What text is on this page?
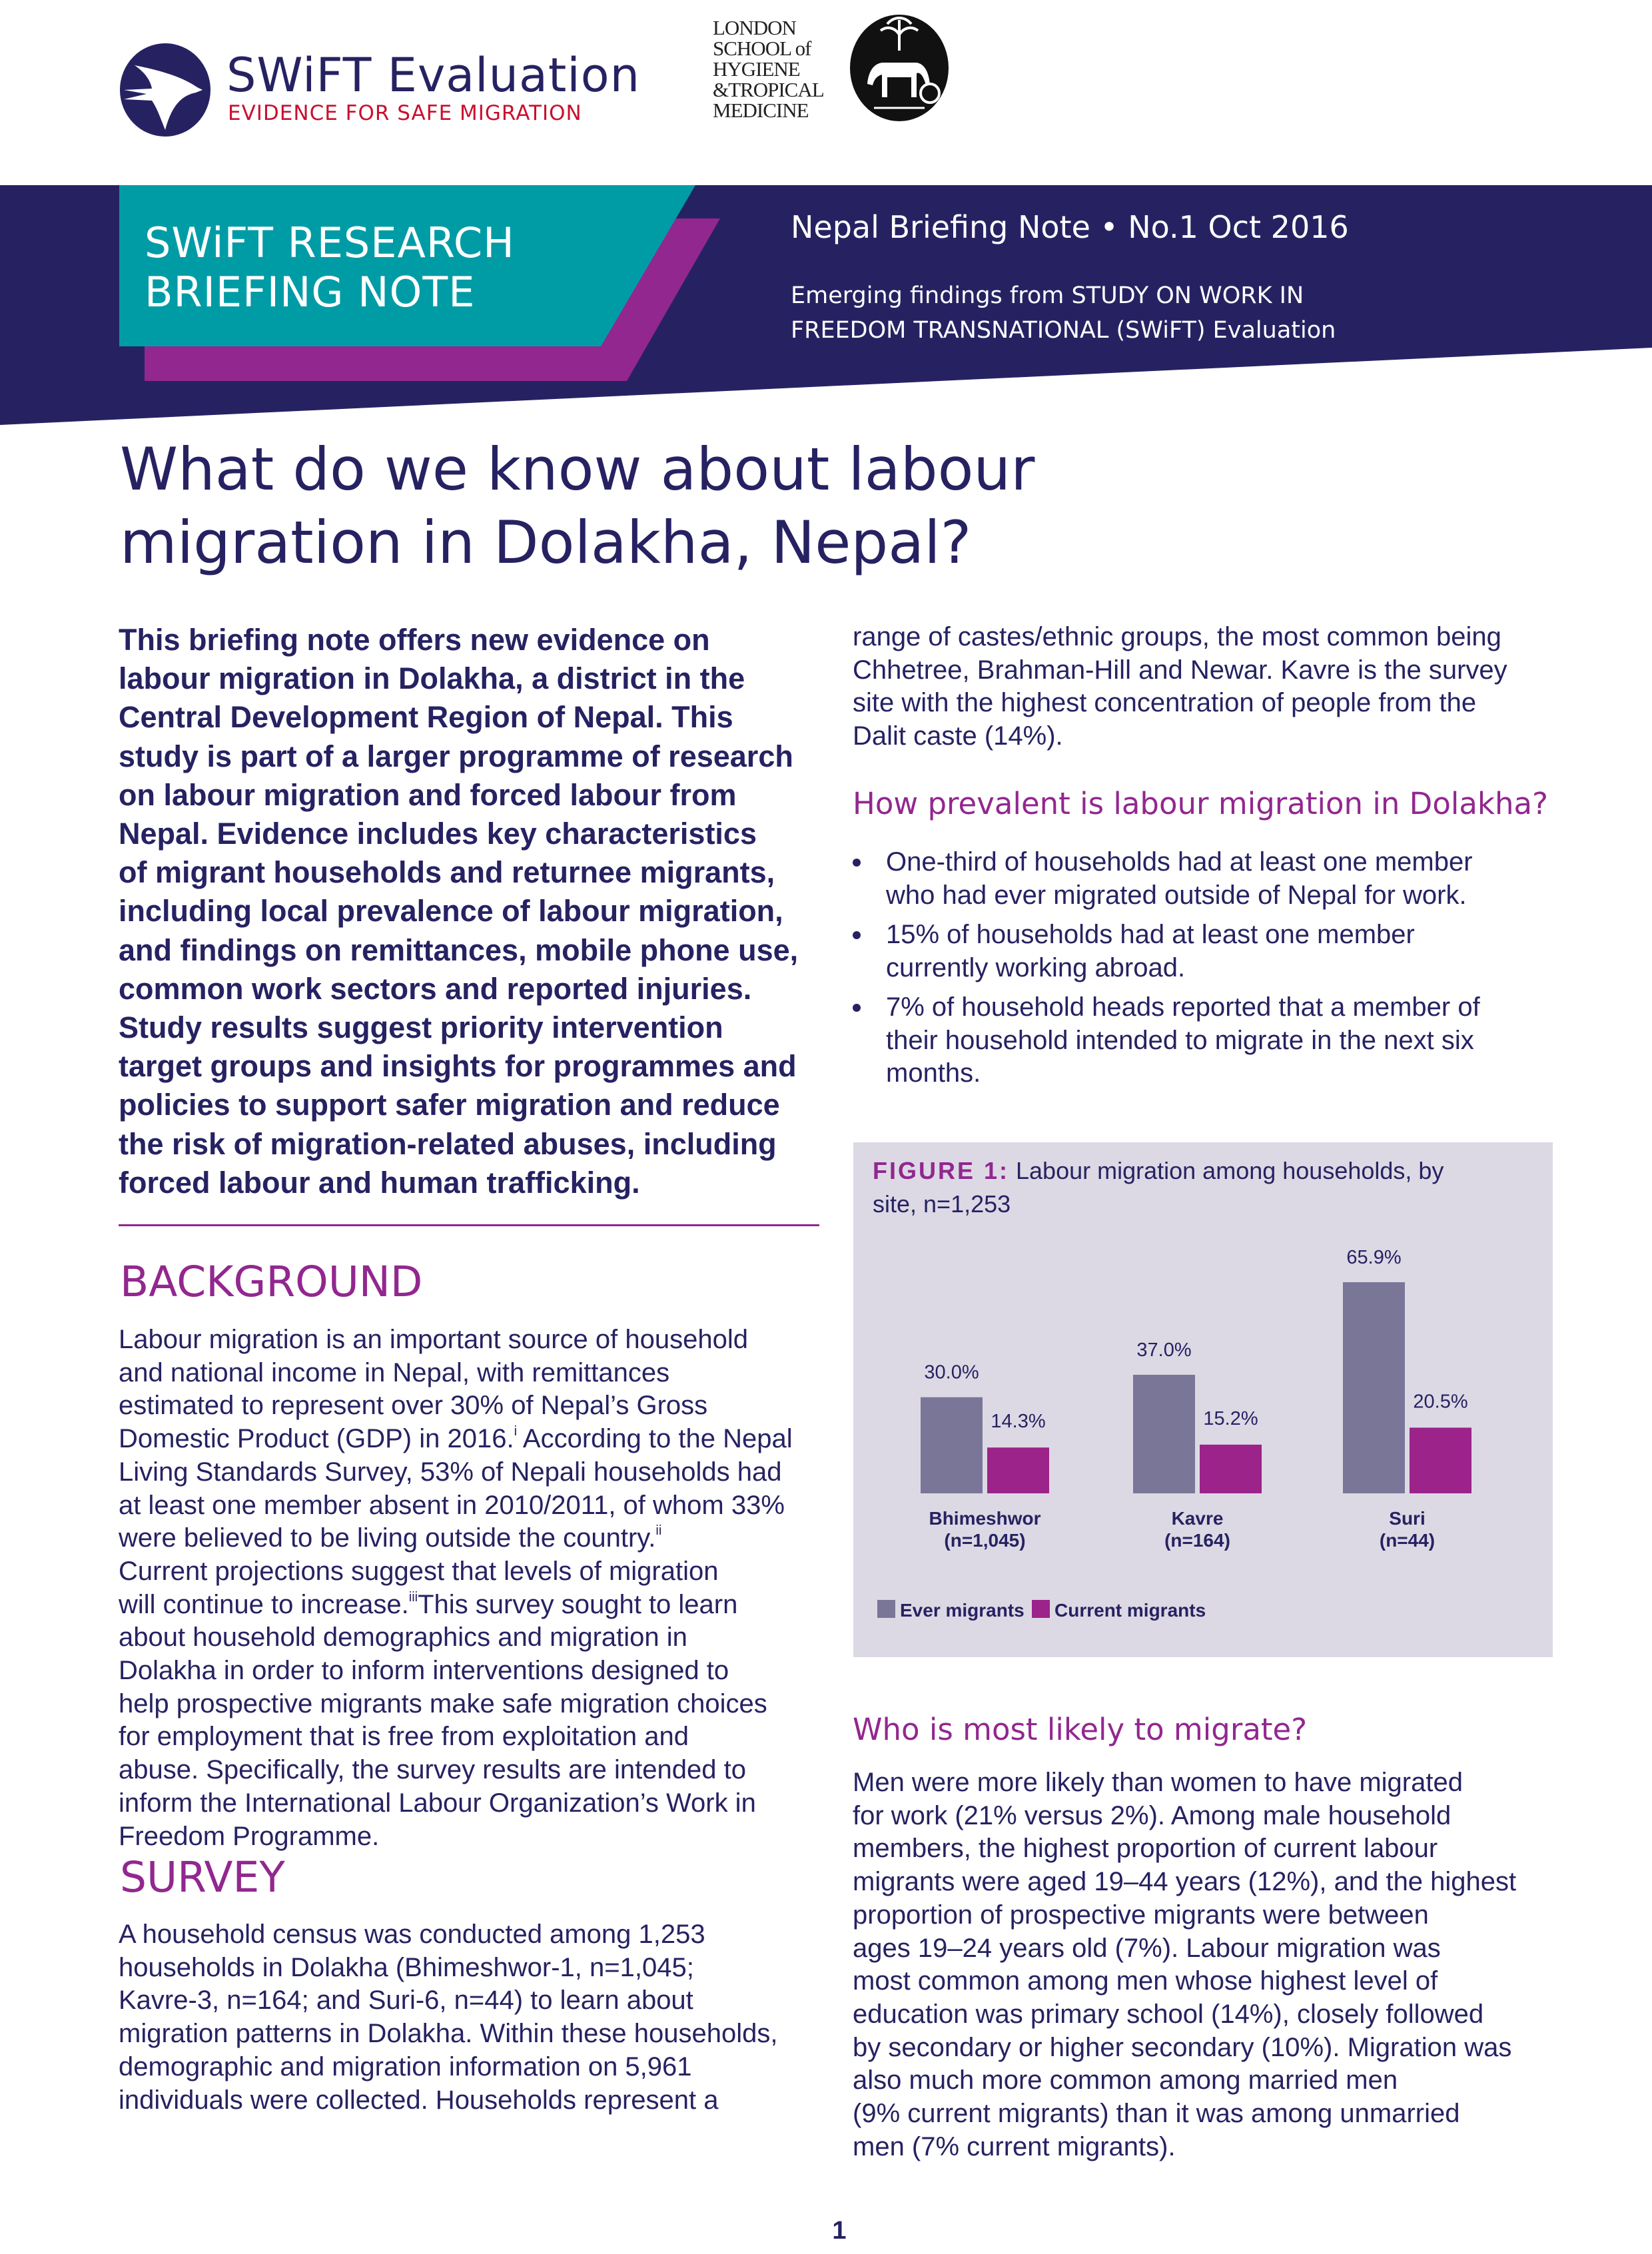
SWiFT Evaluation
EVIDENCE FOR SAFE MIGRATION
LONDON
SCHOOL of
HYGIENE
&TROPICAL
MEDICINE
SWiFT RESEARCH
BRIEFING NOTE
Nepal Briefing Note • No.1 Oct 2016
Emerging findings from STUDY ON WORK IN
FREEDOM TRANSNATIONAL (SWiFT) Evaluation
What do we know about labour
migration in Dolakha, Nepal?
This briefing note offers new evidence on
labour migration in Dolakha, a district in the
Central Development Region of Nepal. This
study is part of a larger programme of research
on labour migration and forced labour from
Nepal. Evidence includes key characteristics
of migrant households and returnee migrants,
including local prevalence of labour migration,
and findings on remittances, mobile phone use,
common work sectors and reported injuries.
Study results suggest priority intervention
target groups and insights for programmes and
policies to support safer migration and reduce
the risk of migration-related abuses, including
forced labour and human trafficking.
BACKGROUND
Labour migration is an important source of household
and national income in Nepal, with remittances
estimated to represent over 30% of Nepal’s Gross
Domestic Product (GDP) in 2016.$^i$ According to the Nepal
Living Standards Survey, 53% of Nepali households had
at least one member absent in 2010/2011, of whom 33%
were believed to be living outside the country.$^{ii}$
Current projections suggest that levels of migration
will continue to increase.$^{iii}$This survey sought to learn
about household demographics and migration in
Dolakha in order to inform interventions designed to
help prospective migrants make safe migration choices
for employment that is free from exploitation and
abuse. Specifically, the survey results are intended to
inform the International Labour Organization’s Work in
Freedom Programme.
SURVEY
A household census was conducted among 1,253
households in Dolakha (Bhimeshwor-1, n=1,045;
Kavre-3, n=164; and Suri-6, n=44) to learn about
migration patterns in Dolakha. Within these households,
demographic and migration information on 5,961
individuals were collected. Households represent a
range of castes/ethnic groups, the most common being
Chhetree, Brahman-Hill and Newar. Kavre is the survey
site with the highest concentration of people from the
Dalit caste (14%).
How prevalent is labour migration in Dolakha?
One-third of households had at least one member
who had ever migrated outside of Nepal for work.
15% of households had at least one member
currently working abroad.
7% of household heads reported that a member of
their household intended to migrate in the next six
months.
FIGURE 1: Labour migration among households, by
site, n=1,253
30.0%
14.3%
Bhimeshwor
(n=1,045)
37.0%
15.2%
Kavre
(n=164)
65.9%
20.5%
Suri
(n=44)
Ever migrants Current migrants
Who is most likely to migrate?
Men were more likely than women to have migrated
for work (21% versus 2%). Among male household
members, the highest proportion of current labour
migrants were aged 19–44 years (12%), and the highest
proportion of prospective migrants were between
ages 19–24 years old (7%). Labour migration was
most common among men whose highest level of
education was primary school (14%), closely followed
by secondary or higher secondary (10%). Migration was
also much more common among married men
(9% current migrants) than it was among unmarried
men (7% current migrants).
1
